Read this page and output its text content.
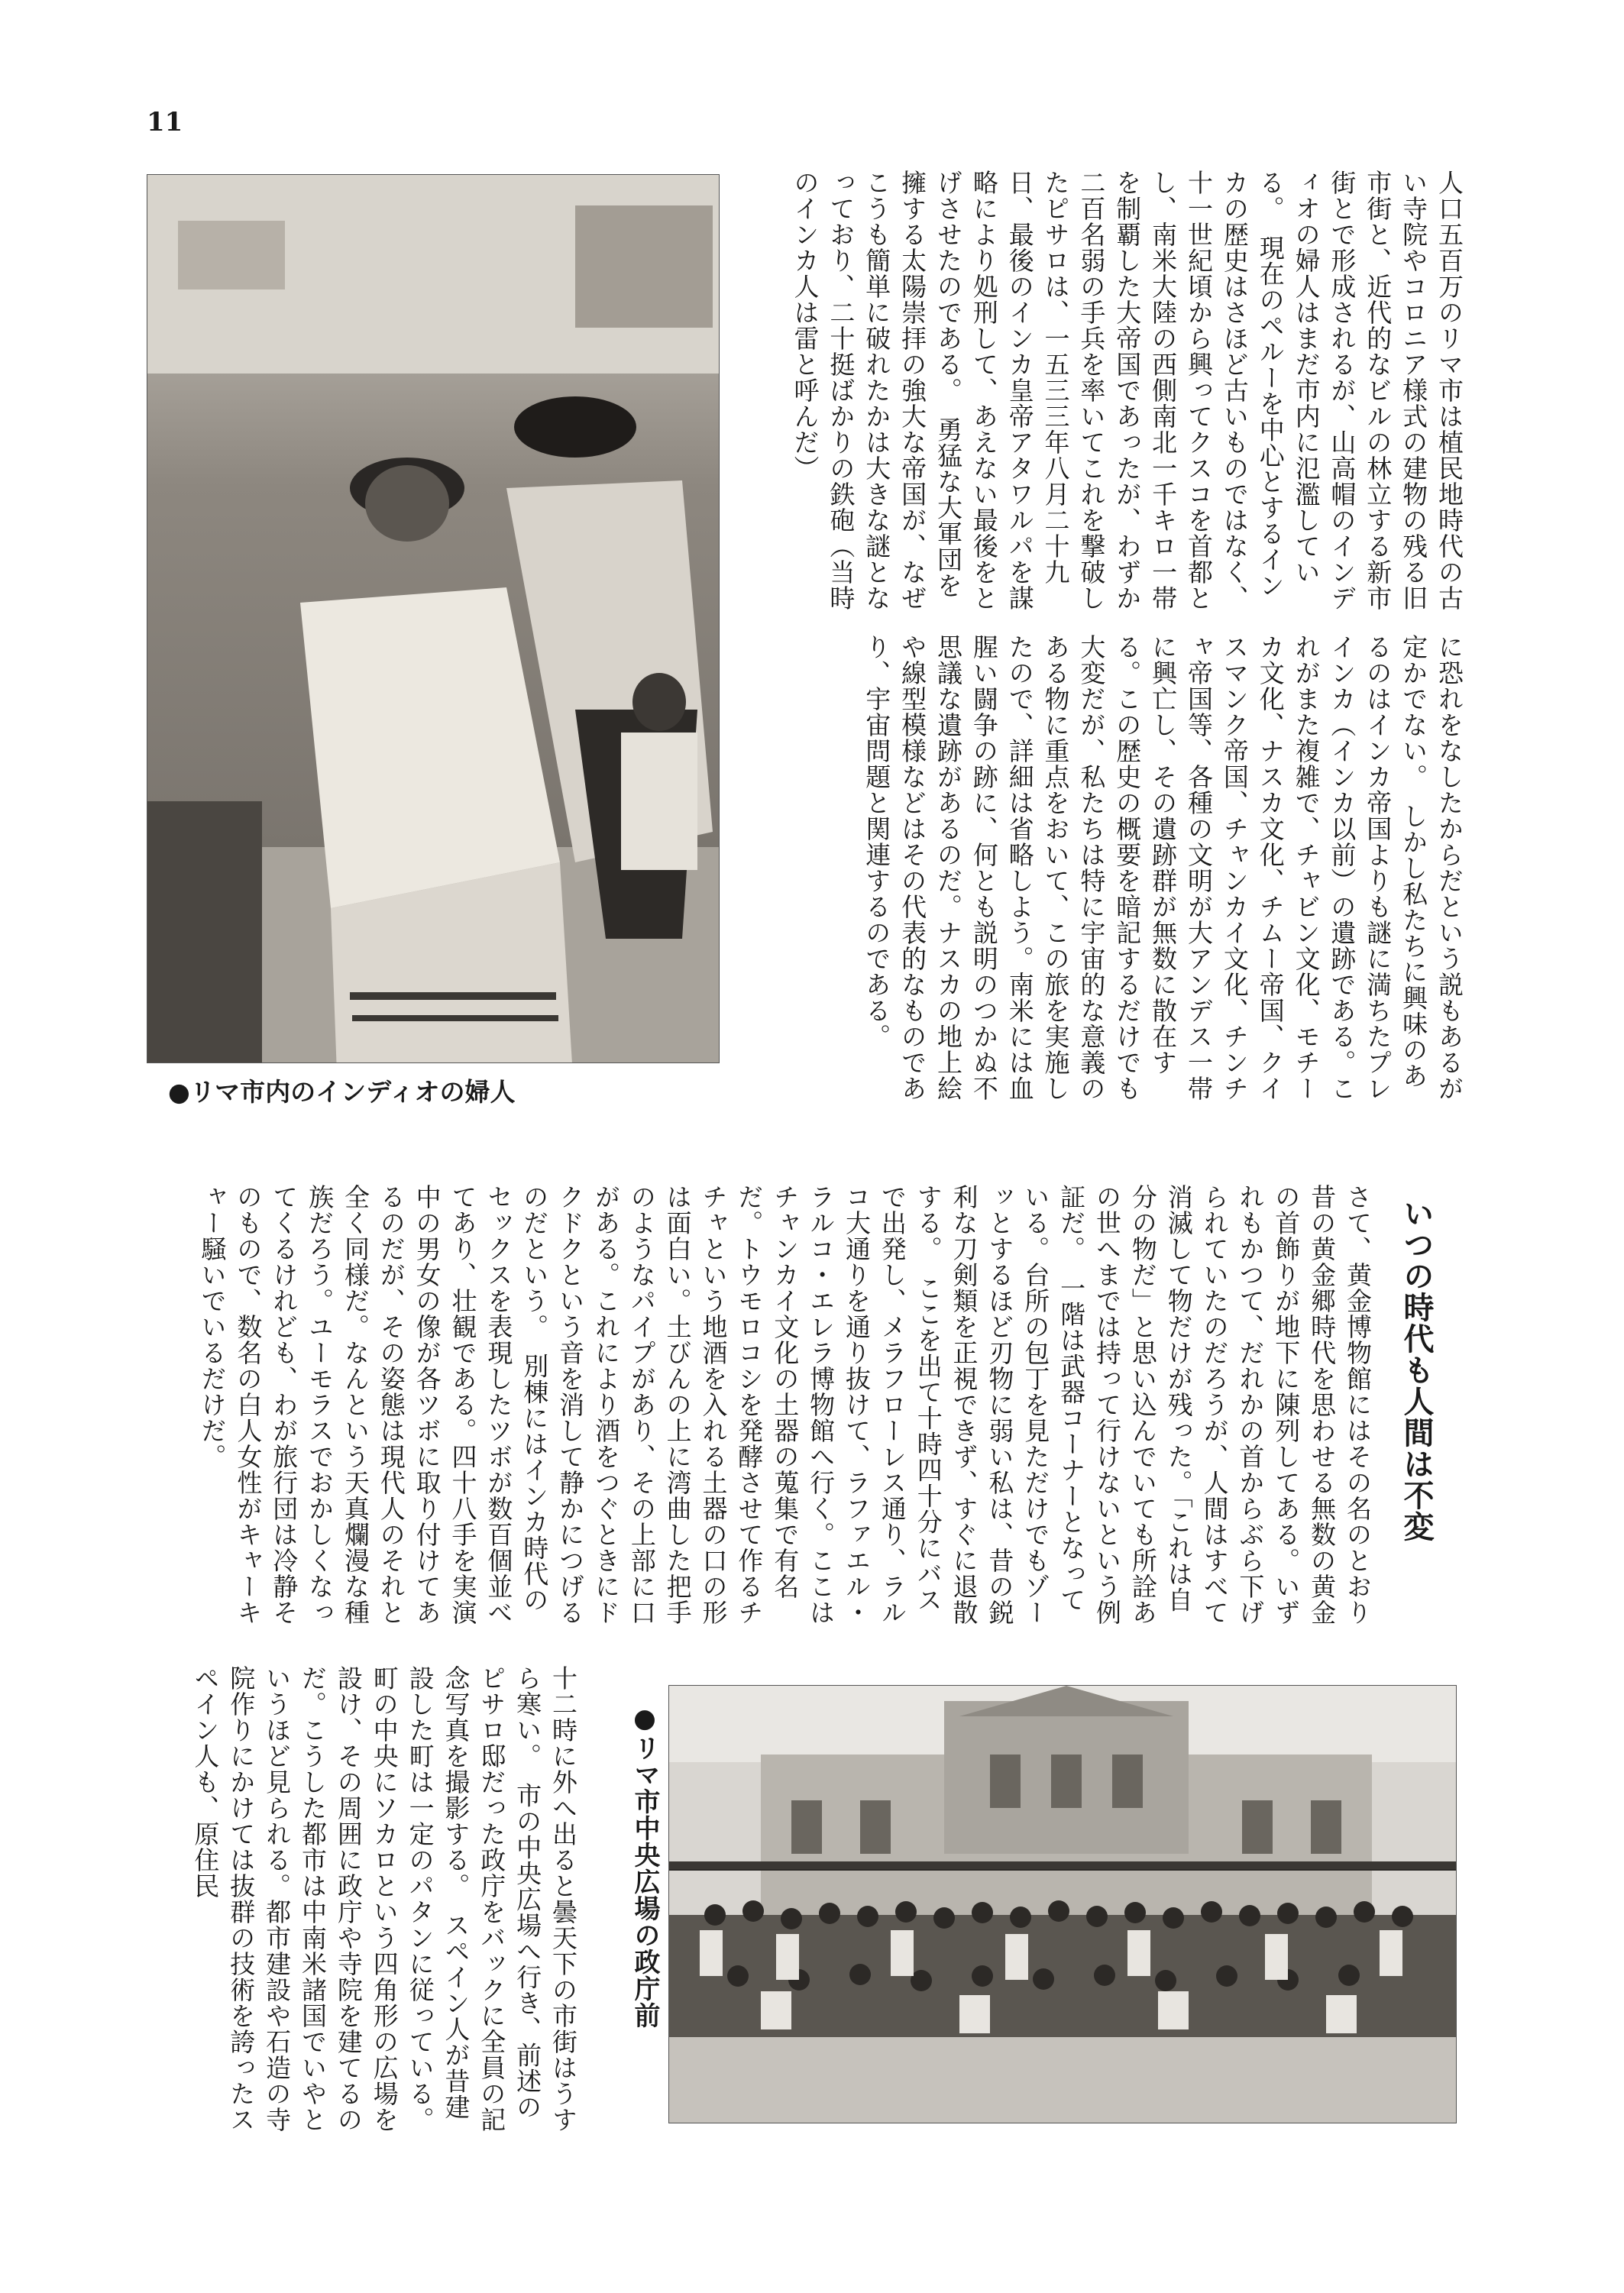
11
●リマ市内のインディオの婦人
人口五百万のリマ市は植民地時代の古い寺院やコロニア様式の建物の残る旧市街と、近代的なビルの林立する新市街とで形成されるが、山高帽のインディオの婦人はまだ市内に氾濫している。　現在のペルーを中心とするインカの歴史はさほど古いものではなく、十一世紀頃から興ってクスコを首都とし、南米大陸の西側南北一千キロ一帯を制覇した大帝国であったが、わずか二百名弱の手兵を率いてこれを撃破したピサロは、一五三三年八月二十九日、最後のインカ皇帝アタワルパを謀略により処刑して、あえない最後をとげさせたのである。　勇猛な大軍団を擁する太陽崇拝の強大な帝国が、なぜこうも簡単に破れたかは大きな謎となっており、二十挺ばかりの鉄砲（当時のインカ人は雷と呼んだ）
に恐れをなしたからだという説もあるが定かでない。　しかし私たちに興味のあるのはインカ帝国よりも謎に満ちたプレインカ（インカ以前）の遺跡である。これがまた複雑で、チャビン文化、モチーカ文化、ナスカ文化、チムー帝国、クイスマンク帝国、チャンカイ文化、チンチャ帝国等、各種の文明が大アンデス一帯に興亡し、その遺跡群が無数に散在する。この歴史の概要を暗記するだけでも大変だが、私たちは特に宇宙的な意義のある物に重点をおいて、この旅を実施したので、詳細は省略しよう。南米には血腥い闘争の跡に、何とも説明のつかぬ不思議な遺跡があるのだ。ナスカの地上絵や線型模様などはその代表的なものであり、宇宙問題と関連するのである。
いつの時代も人間は不変
さて、黄金博物館にはその名のとおり昔の黄金郷時代を思わせる無数の黄金の首飾りが地下に陳列してある。いずれもかつて、だれかの首からぶら下げられていたのだろうが、人間はすべて消滅して物だけが残った。「これは自分の物だ」と思い込んでいても所詮あの世へまでは持って行けないという例証だ。　一階は武器コーナーとなっている。台所の包丁を見ただけでもゾーッとするほど刃物に弱い私は、昔の鋭利な刀剣類を正視できず、すぐに退散する。　ここを出て十時四十分にバスで出発し、メラフローレス通り、ラルコ大通りを通り抜けて、ラファエル・ラルコ・エレラ博物館へ行く。ここはチャンカイ文化の土器の蒐集で有名だ。トウモロコシを発酵させて作るチチャという地酒を入れる土器の口の形は面白い。土びんの上に湾曲した把手のようなパイプがあり、その上部に口がある。これにより酒をつぐときにドクドクという音を消して静かにつげるのだという。　別棟にはインカ時代のセックスを表現したツボが数百個並べてあり、壮観である。四十八手を実演中の男女の像が各ツボに取り付けてあるのだが、その姿態は現代人のそれと全く同様だ。なんという天真爛漫な種族だろう。ユーモラスでおかしくなってくるけれども、わが旅行団は冷静そのもので、数名の白人女性がキャーキャー騒いでいるだけだ。
●リマ市中央広場の政庁前
十二時に外へ出ると曇天下の市街はうすら寒い。　市の中央広場へ行き、前述のピサロ邸だった政庁をバックに全員の記念写真を撮影する。　スペイン人が昔建設した町は一定のパタンに従っている。町の中央にソカロという四角形の広場を設け、その周囲に政庁や寺院を建てるのだ。こうした都市は中南米諸国でいやというほど見られる。都市建設や石造の寺院作りにかけては抜群の技術を誇ったスペイン人も、原住民
